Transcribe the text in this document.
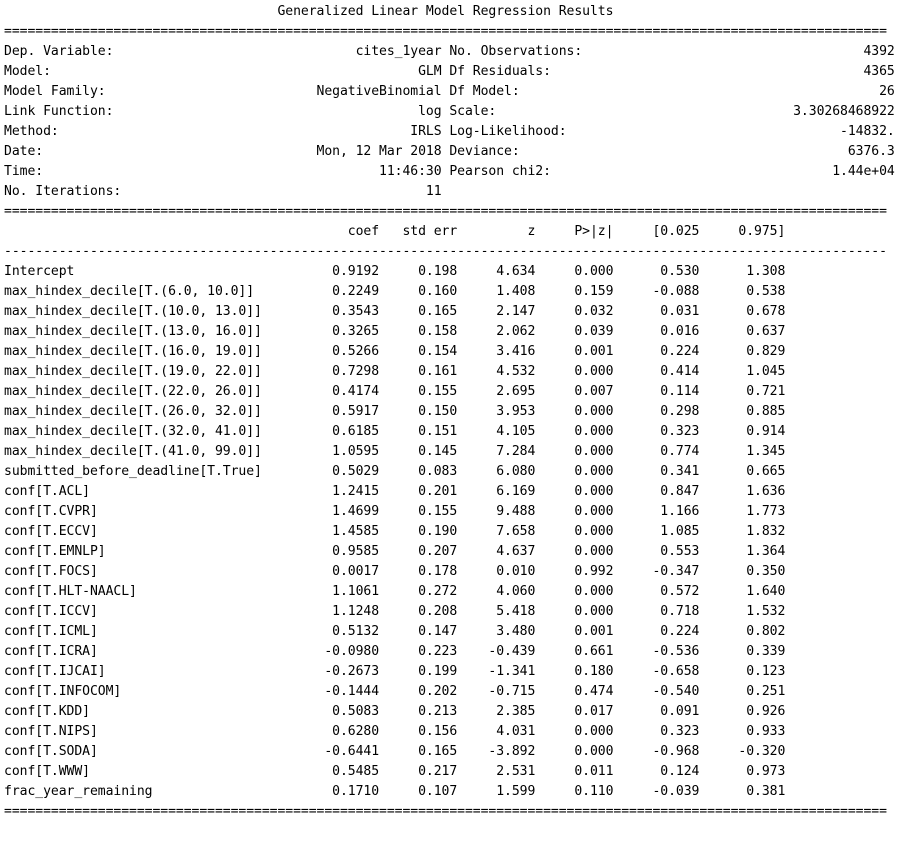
Generalized Linear Model Regression Results
=================================================================================================================
Dep. Variable:                               cites_1year No. Observations:                                    4392
Model:                                               GLM Df Residuals:                                        4365
Model Family:                           NegativeBinomial Df Model:                                              26
Link Function:                                       log Scale:                                      3.30268468922
Method:                                             IRLS Log-Likelihood:                                   -14832.
Date:                                   Mon, 12 Mar 2018 Deviance:                                          6376.3
Time:                                           11:46:30 Pearson chi2:                                    1.44e+04
No. Iterations:                                       11
=================================================================================================================
coef   std err         z     P>|z|     [0.025     0.975]
-----------------------------------------------------------------------------------------------------------------
Intercept                                 0.9192     0.198     4.634     0.000      0.530      1.308
max_hindex_decile[T.(6.0, 10.0]]          0.2249     0.160     1.408     0.159     -0.088      0.538
max_hindex_decile[T.(10.0, 13.0]]         0.3543     0.165     2.147     0.032      0.031      0.678
max_hindex_decile[T.(13.0, 16.0]]         0.3265     0.158     2.062     0.039      0.016      0.637
max_hindex_decile[T.(16.0, 19.0]]         0.5266     0.154     3.416     0.001      0.224      0.829
max_hindex_decile[T.(19.0, 22.0]]         0.7298     0.161     4.532     0.000      0.414      1.045
max_hindex_decile[T.(22.0, 26.0]]         0.4174     0.155     2.695     0.007      0.114      0.721
max_hindex_decile[T.(26.0, 32.0]]         0.5917     0.150     3.953     0.000      0.298      0.885
max_hindex_decile[T.(32.0, 41.0]]         0.6185     0.151     4.105     0.000      0.323      0.914
max_hindex_decile[T.(41.0, 99.0]]         1.0595     0.145     7.284     0.000      0.774      1.345
submitted_before_deadline[T.True]         0.5029     0.083     6.080     0.000      0.341      0.665
conf[T.ACL]                               1.2415     0.201     6.169     0.000      0.847      1.636
conf[T.CVPR]                              1.4699     0.155     9.488     0.000      1.166      1.773
conf[T.ECCV]                              1.4585     0.190     7.658     0.000      1.085      1.832
conf[T.EMNLP]                             0.9585     0.207     4.637     0.000      0.553      1.364
conf[T.FOCS]                              0.0017     0.178     0.010     0.992     -0.347      0.350
conf[T.HLT-NAACL]                         1.1061     0.272     4.060     0.000      0.572      1.640
conf[T.ICCV]                              1.1248     0.208     5.418     0.000      0.718      1.532
conf[T.ICML]                              0.5132     0.147     3.480     0.001      0.224      0.802
conf[T.ICRA]                             -0.0980     0.223    -0.439     0.661     -0.536      0.339
conf[T.IJCAI]                            -0.2673     0.199    -1.341     0.180     -0.658      0.123
conf[T.INFOCOM]                          -0.1444     0.202    -0.715     0.474     -0.540      0.251
conf[T.KDD]                               0.5083     0.213     2.385     0.017      0.091      0.926
conf[T.NIPS]                              0.6280     0.156     4.031     0.000      0.323      0.933
conf[T.SODA]                             -0.6441     0.165    -3.892     0.000     -0.968     -0.320
conf[T.WWW]                               0.5485     0.217     2.531     0.011      0.124      0.973
frac_year_remaining                       0.1710     0.107     1.599     0.110     -0.039      0.381
=================================================================================================================
